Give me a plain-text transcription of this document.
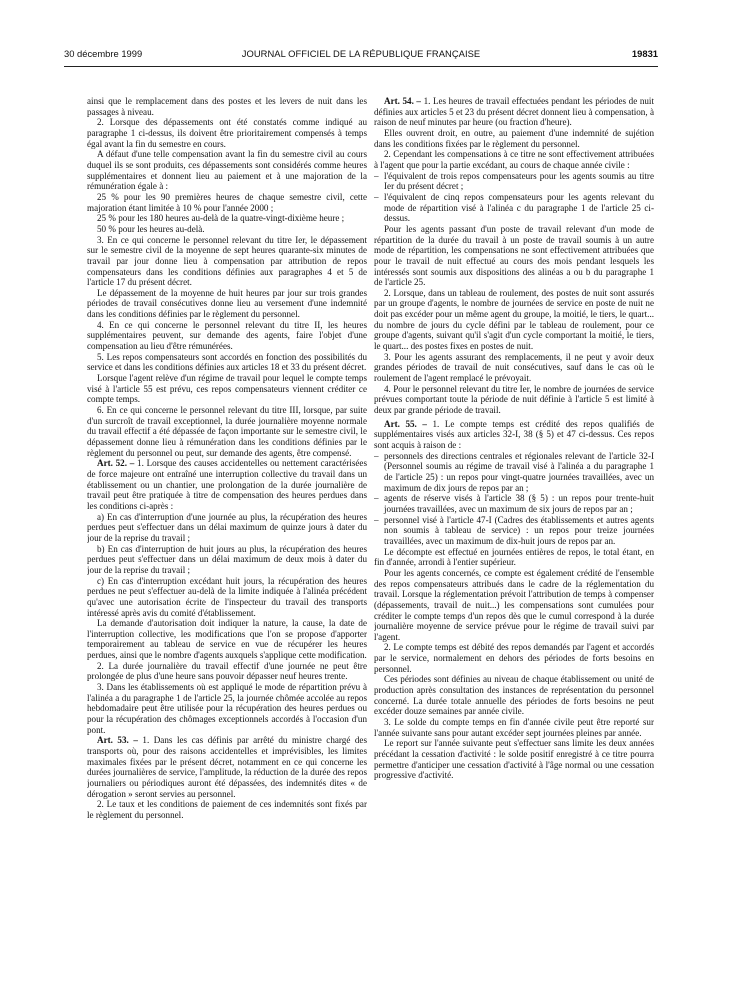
30 décembre 1999	JOURNAL OFFICIEL DE LA RÉPUBLIQUE FRANÇAISE	19831

ainsi que le remplacement dans des postes et les levers de nuit dans les passages à niveau.

2. Lorsque des dépassements ont été constatés comme indiqué au paragraphe 1 ci-dessus, ils doivent être prioritairement compensés à temps égal avant la fin du semestre en cours.

A défaut d'une telle compensation avant la fin du semestre civil au cours duquel ils se sont produits, ces dépassements sont considérés comme heures supplémentaires et donnent lieu au paiement et à une majoration de la rémunération égale à :

25 % pour les 90 premières heures de chaque semestre civil, cette majoration étant limitée à 10 % pour l'année 2000 ;

25 % pour les 180 heures au-delà de la quatre-vingt-dixième heure ;

50 % pour les heures au-delà.

3. En ce qui concerne le personnel relevant du titre Ier, le dépassement sur le semestre civil de la moyenne de sept heures quarante-six minutes de travail par jour donne lieu à compensation par attribution de repos compensateurs dans les conditions définies aux paragraphes 4 et 5 de l'article 17 du présent décret.

Le dépassement de la moyenne de huit heures par jour sur trois grandes périodes de travail consécutives donne lieu au versement d'une indemnité dans les conditions définies par le règlement du personnel.

4. En ce qui concerne le personnel relevant du titre II, les heures supplémentaires peuvent, sur demande des agents, faire l'objet d'une compensation au lieu d'être rémunérées.

5. Les repos compensateurs sont accordés en fonction des possibilités du service et dans les conditions définies aux articles 18 et 33 du présent décret.

Lorsque l'agent relève d'un régime de travail pour lequel le compte temps visé à l'article 55 est prévu, ces repos compensateurs viennent créditer ce compte temps.

6. En ce qui concerne le personnel relevant du titre III, lorsque, par suite d'un surcroît de travail exceptionnel, la durée journalière moyenne normale du travail effectif a été dépassée de façon importante sur le semestre civil, le dépassement donne lieu à rémunération dans les conditions définies par le règlement du personnel ou peut, sur demande des agents, être compensé.

Art. 52. – 1. Lorsque des causes accidentelles ou nettement caractérisées de force majeure ont entraîné une interruption collective du travail dans un établissement ou un chantier, une prolongation de la durée journalière de travail peut être pratiquée à titre de compensation des heures perdues dans les conditions ci-après :

a) En cas d'interruption d'une journée au plus, la récupération des heures perdues peut s'effectuer dans un délai maximum de quinze jours à dater du jour de la reprise du travail ;

b) En cas d'interruption de huit jours au plus, la récupération des heures perdues peut s'effectuer dans un délai maximum de deux mois à dater du jour de la reprise du travail ;

c) En cas d'interruption excédant huit jours, la récupération des heures perdues ne peut s'effectuer au-delà de la limite indiquée à l'alinéa précédent qu'avec une autorisation écrite de l'inspecteur du travail des transports intéressé après avis du comité d'établissement.

La demande d'autorisation doit indiquer la nature, la cause, la date de l'interruption collective, les modifications que l'on se propose d'apporter temporairement au tableau de service en vue de récupérer les heures perdues, ainsi que le nombre d'agents auxquels s'applique cette modification.

2. La durée journalière du travail effectif d'une journée ne peut être prolongée de plus d'une heure sans pouvoir dépasser neuf heures trente.

3. Dans les établissements où est appliqué le mode de répartition prévu à l'alinéa a du paragraphe 1 de l'article 25, la journée chômée accolée au repos hebdomadaire peut être utilisée pour la récupération des heures perdues ou pour la récupération des chômages exceptionnels accordés à l'occasion d'un pont.

Art. 53. – 1. Dans les cas définis par arrêté du ministre chargé des transports où, pour des raisons accidentelles et imprévisibles, les limites maximales fixées par le présent décret, notamment en ce qui concerne les durées journalières de service, l'amplitude, la réduction de la durée des repos journaliers ou périodiques auront été dépassées, des indemnités dites « de dérogation » seront servies au personnel.

2. Le taux et les conditions de paiement de ces indemnités sont fixés par le règlement du personnel.

Art. 54. – 1. Les heures de travail effectuées pendant les périodes de nuit définies aux articles 5 et 23 du présent décret donnent lieu à compensation, à raison de neuf minutes par heure (ou fraction d'heure).

Elles ouvrent droit, en outre, au paiement d'une indemnité de sujétion dans les conditions fixées par le règlement du personnel.

2. Cependant les compensations à ce titre ne sont effectivement attribuées à l'agent que pour la partie excédant, au cours de chaque année civile :

– l'équivalent de trois repos compensateurs pour les agents soumis au titre Ier du présent décret ;
– l'équivalent de cinq repos compensateurs pour les agents relevant du mode de répartition visé à l'alinéa c du paragraphe 1 de l'article 25 ci-dessus.

Pour les agents passant d'un poste de travail relevant d'un mode de répartition de la durée du travail à un poste de travail soumis à un autre mode de répartition, les compensations ne sont effectivement attribuées que pour le travail de nuit effectué au cours des mois pendant lesquels les intéressés sont soumis aux dispositions des alinéas a ou b du paragraphe 1 de l'article 25.

2. Lorsque, dans un tableau de roulement, des postes de nuit sont assurés par un groupe d'agents, le nombre de journées de service en poste de nuit ne doit pas excéder pour un même agent du groupe, la moitié, le tiers, le quart... du nombre de jours du cycle défini par le tableau de roulement, pour ce groupe d'agents, suivant qu'il s'agit d'un cycle comportant la moitié, le tiers, le quart... des postes fixes en postes de nuit.

3. Pour les agents assurant des remplacements, il ne peut y avoir deux grandes périodes de travail de nuit consécutives, sauf dans le cas où le roulement de l'agent remplacé le prévoyait.

4. Pour le personnel relevant du titre Ier, le nombre de journées de service prévues comportant toute la période de nuit définie à l'article 5 est limité à deux par grande période de travail.

Art. 55. – 1. Le compte temps est crédité des repos qualifiés de supplémentaires visés aux articles 32-I, 38 (§ 5) et 47 ci-dessus. Ces repos sont acquis à raison de :

– personnels des directions centrales et régionales relevant de l'article 32-I (Personnel soumis au régime de travail visé à l'alinéa a du paragraphe 1 de l'article 25) : un repos pour vingt-quatre journées travaillées, avec un maximum de dix jours de repos par an ;
– agents de réserve visés à l'article 38 (§ 5) : un repos pour trente-huit journées travaillées, avec un maximum de six jours de repos par an ;
– personnel visé à l'article 47-I (Cadres des établissements et autres agents non soumis à tableau de service) : un repos pour treize journées travaillées, avec un maximum de dix-huit jours de repos par an.

Le décompte est effectué en journées entières de repos, le total étant, en fin d'année, arrondi à l'entier supérieur.

Pour les agents concernés, ce compte est également crédité de l'ensemble des repos compensateurs attribués dans le cadre de la réglementation du travail. Lorsque la réglementation prévoit l'attribution de temps à compenser (dépassements, travail de nuit...) les compensations sont cumulées pour créditer le compte temps d'un repos dès que le cumul correspond à la durée journalière moyenne de service prévue pour le régime de travail suivi par l'agent.

2. Le compte temps est débité des repos demandés par l'agent et accordés par le service, normalement en dehors des périodes de forts besoins en personnel.

Ces périodes sont définies au niveau de chaque établissement ou unité de production après consultation des instances de représentation du personnel concerné. La durée totale annuelle des périodes de forts besoins ne peut excéder douze semaines par année civile.

3. Le solde du compte temps en fin d'année civile peut être reporté sur l'année suivante sans pour autant excéder sept journées pleines par année.

Le report sur l'année suivante peut s'effectuer sans limite les deux années précédant la cessation d'activité : le solde positif enregistré à ce titre pourra permettre d'anticiper une cessation d'activité à l'âge normal ou une cessation progressive d'activité.
